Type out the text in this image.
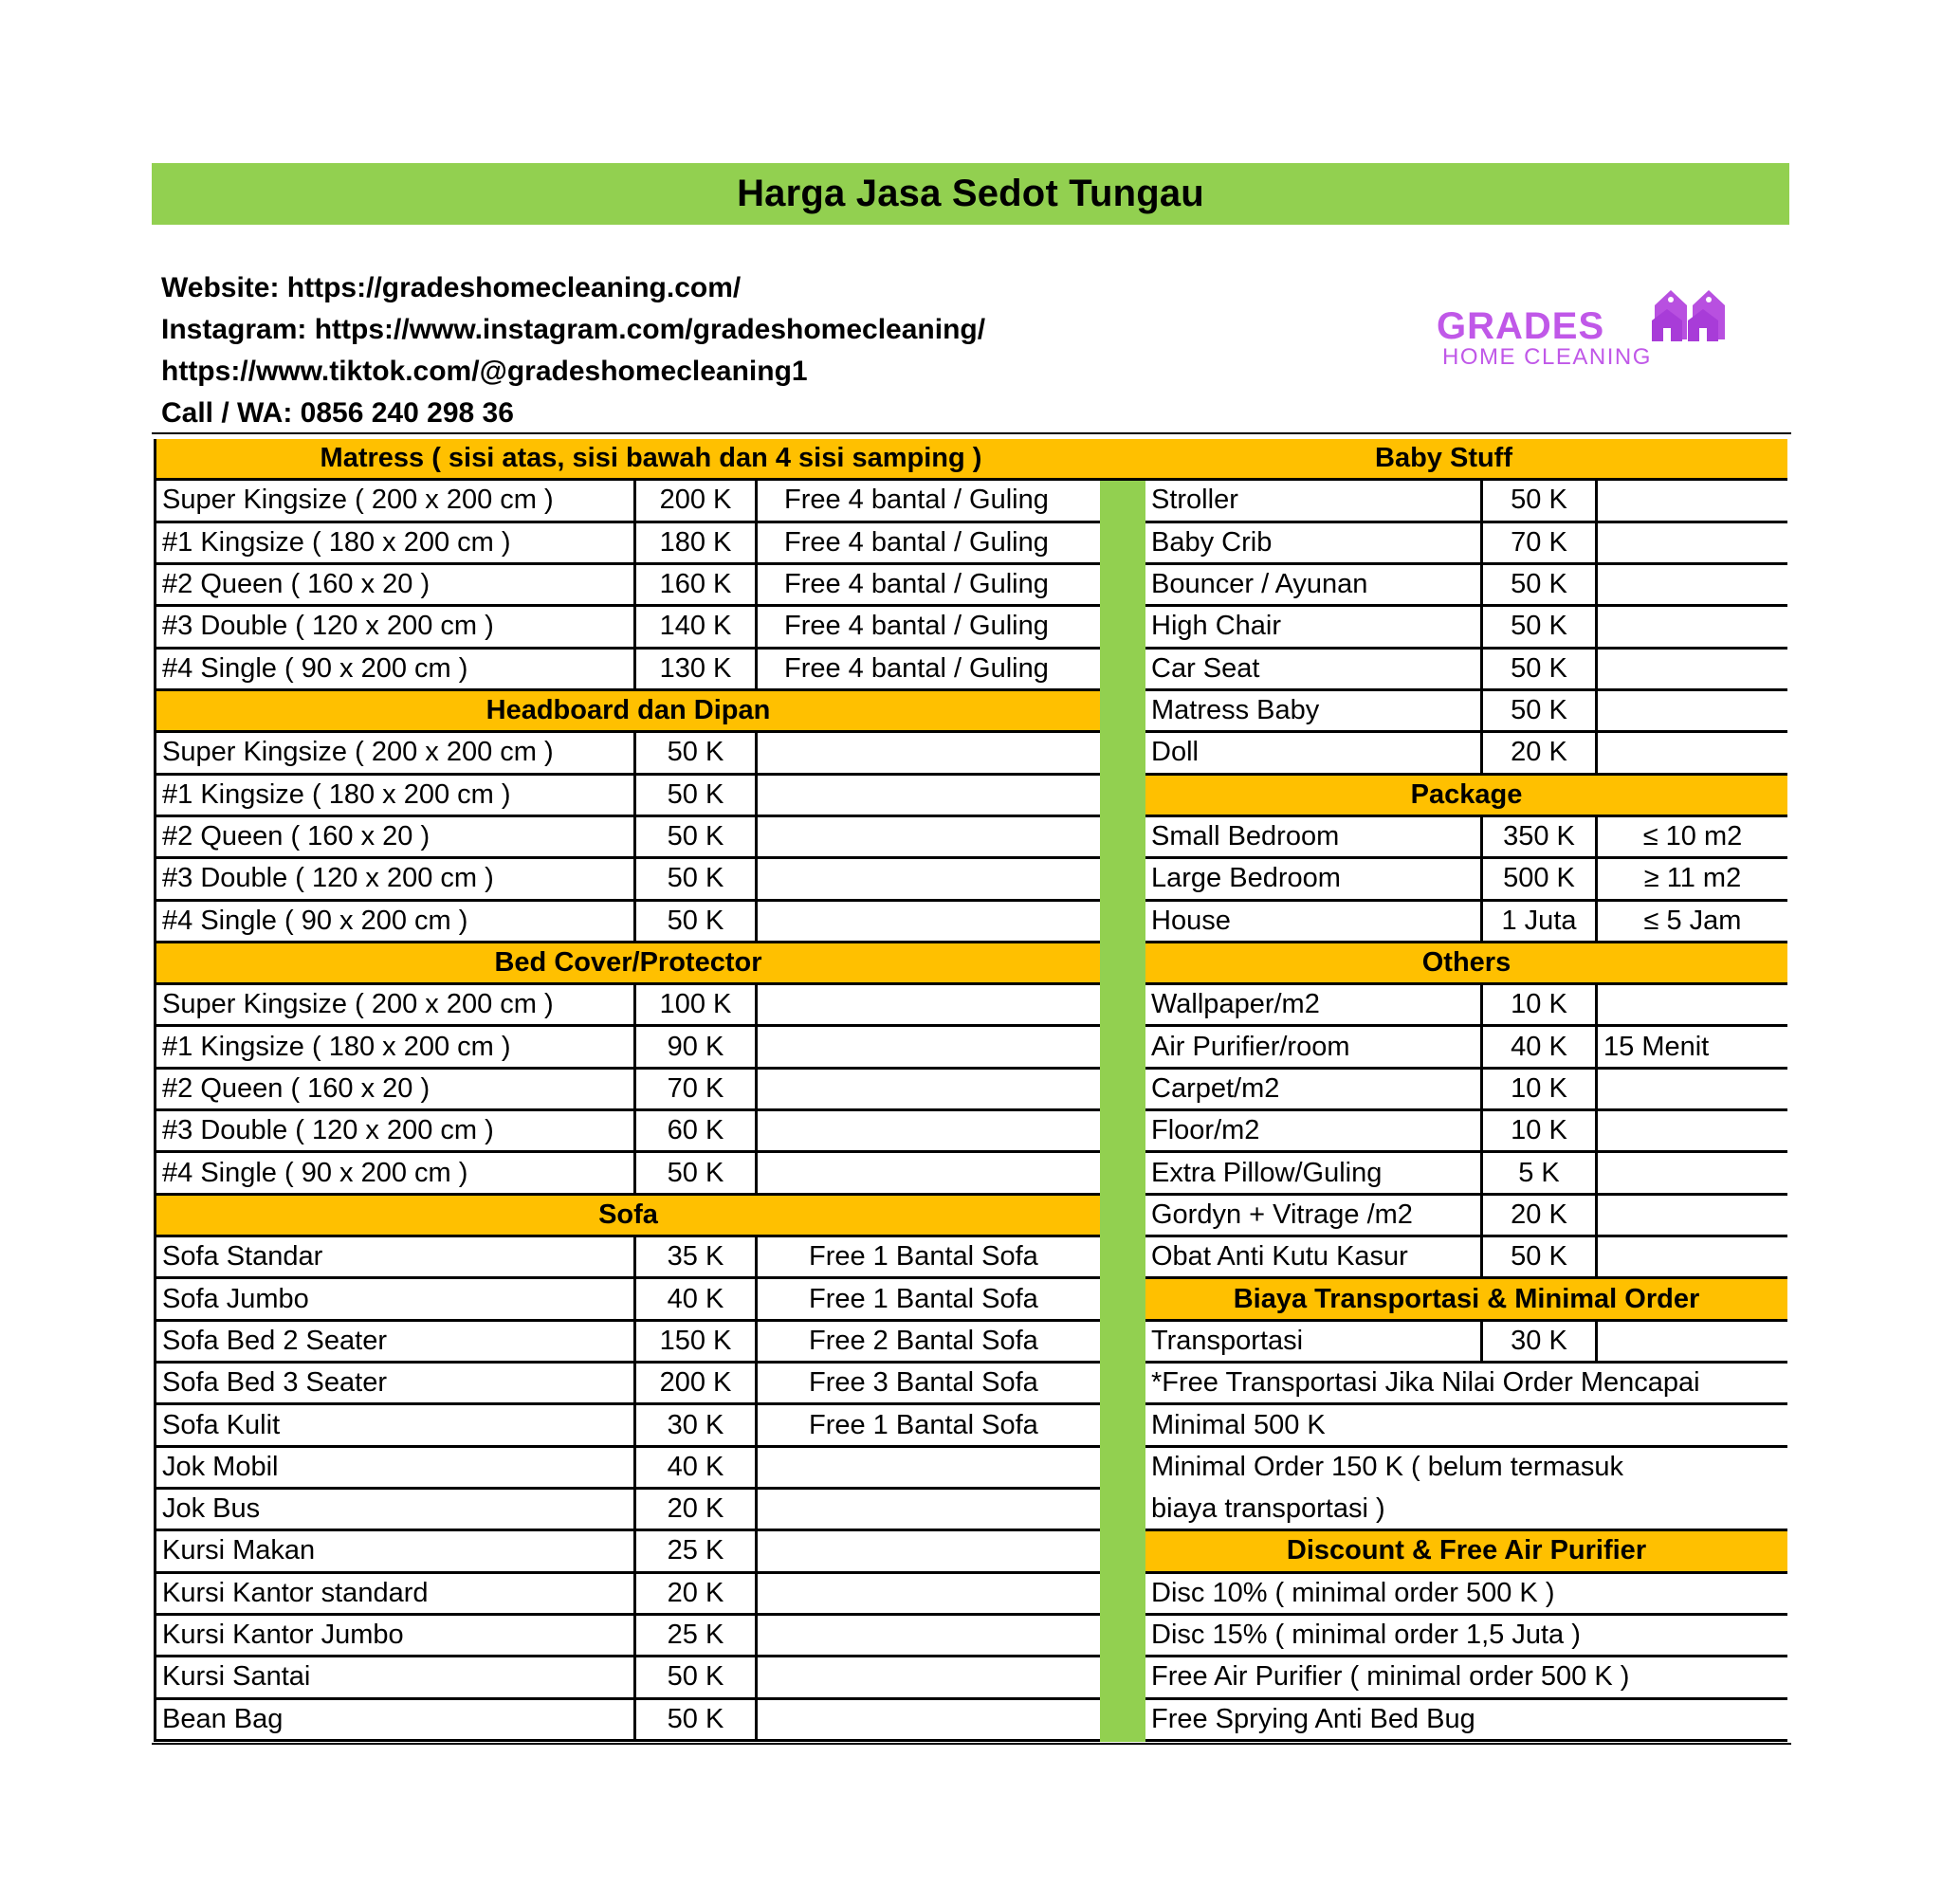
Harga Jasa Sedot Tungau
Website: https://gradeshomecleaning.com/
Instagram: https://www.instagram.com/gradeshomecleaning/
https://www.tiktok.com/@gradeshomecleaning1
Call / WA: 0856 240 298 36
GRADES
HOME CLEANING
Matress ( sisi atas, sisi bawah dan 4 sisi samping )
Super Kingsize ( 200 x 200 cm )	200 K	Free 4 bantal / Guling
#1 Kingsize ( 180 x 200 cm )	180 K	Free 4 bantal / Guling
#2 Queen ( 160 x 20 )	160 K	Free 4 bantal / Guling
#3 Double ( 120 x 200 cm )	140 K	Free 4 bantal / Guling
#4 Single ( 90 x 200 cm )	130 K	Free 4 bantal / Guling
Headboard dan Dipan
Super Kingsize ( 200 x 200 cm )	50 K
#1 Kingsize ( 180 x 200 cm )	50 K
#2 Queen ( 160 x 20 )	50 K
#3 Double ( 120 x 200 cm )	50 K
#4 Single ( 90 x 200 cm )	50 K
Bed Cover/Protector
Super Kingsize ( 200 x 200 cm )	100 K
#1 Kingsize ( 180 x 200 cm )	90 K
#2 Queen ( 160 x 20 )	70 K
#3 Double ( 120 x 200 cm )	60 K
#4 Single ( 90 x 200 cm )	50 K
Sofa
Sofa Standar	35 K	Free 1 Bantal Sofa
Sofa Jumbo	40 K	Free 1 Bantal Sofa
Sofa Bed 2 Seater	150 K	Free 2 Bantal Sofa
Sofa Bed 3 Seater	200 K	Free 3 Bantal Sofa
Sofa Kulit	30 K	Free 1 Bantal Sofa
Jok Mobil	40 K
Jok Bus	20 K
Kursi Makan	25 K
Kursi Kantor standard	20 K
Kursi Kantor Jumbo	25 K
Kursi Santai	50 K
Bean Bag	50 K
Baby Stuff
Stroller	50 K
Baby Crib	70 K
Bouncer / Ayunan	50 K
High Chair	50 K
Car Seat	50 K
Matress Baby	50 K
Doll	20 K
Package
Small Bedroom	350 K	≤ 10 m2
Large Bedroom	500 K	≥ 11 m2
House	1 Juta	≤ 5 Jam
Others
Wallpaper/m2	10 K
Air Purifier/room	40 K	15 Menit
Carpet/m2	10 K
Floor/m2	10 K
Extra Pillow/Guling	5 K
Gordyn + Vitrage /m2	20 K
Obat Anti Kutu Kasur	50 K
Biaya Transportasi & Minimal Order
Transportasi	30 K
*Free Transportasi Jika Nilai Order Mencapai
Minimal 500 K
Minimal Order 150 K ( belum termasuk biaya transportasi )
Discount & Free Air Purifier
Disc 10% ( minimal order 500 K )
Disc 15% ( minimal order 1,5 Juta )
Free Air Purifier ( minimal order 500 K )
Free Sprying Anti Bed Bug
